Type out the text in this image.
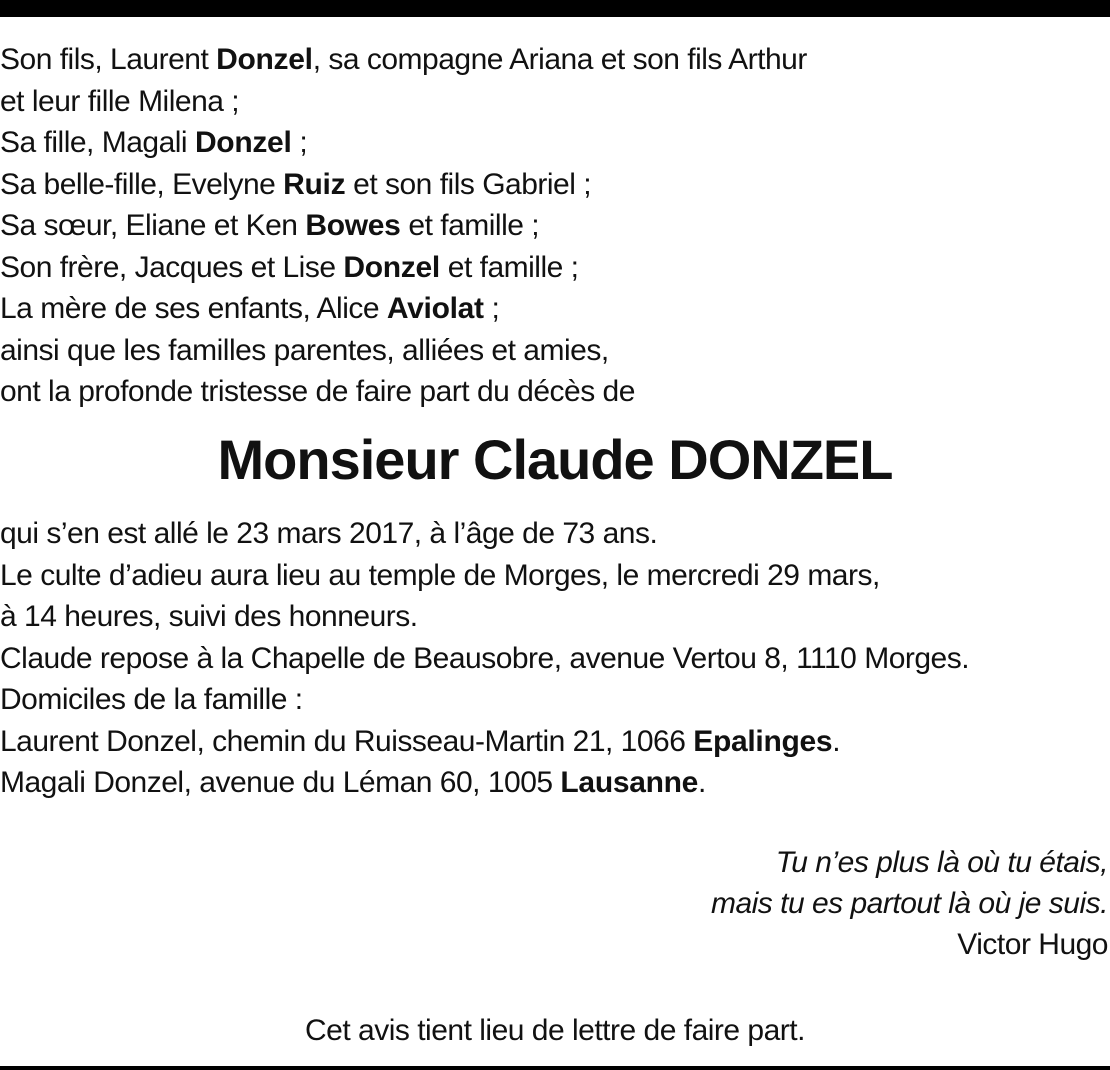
Son fils, Laurent Donzel, sa compagne Ariana et son fils Arthur
et leur fille Milena ;
Sa fille, Magali Donzel ;
Sa belle-fille, Evelyne Ruiz et son fils Gabriel ;
Sa sœur, Eliane et Ken Bowes et famille ;
Son frère, Jacques et Lise Donzel et famille ;
La mère de ses enfants, Alice Aviolat ;
ainsi que les familles parentes, alliées et amies,
ont la profonde tristesse de faire part du décès de
Monsieur Claude DONZEL
qui s’en est allé le 23 mars 2017, à l’âge de 73 ans.
Le culte d’adieu aura lieu au temple de Morges, le mercredi 29 mars,
à 14 heures, suivi des honneurs.
Claude repose à la Chapelle de Beausobre, avenue Vertou 8, 1110 Morges.
Domiciles de la famille :
Laurent Donzel, chemin du Ruisseau-Martin 21, 1066 Epalinges.
Magali Donzel, avenue du Léman 60, 1005 Lausanne.
Tu n’es plus là où tu étais,
mais tu es partout là où je suis.
Victor Hugo
Cet avis tient lieu de lettre de faire part.
